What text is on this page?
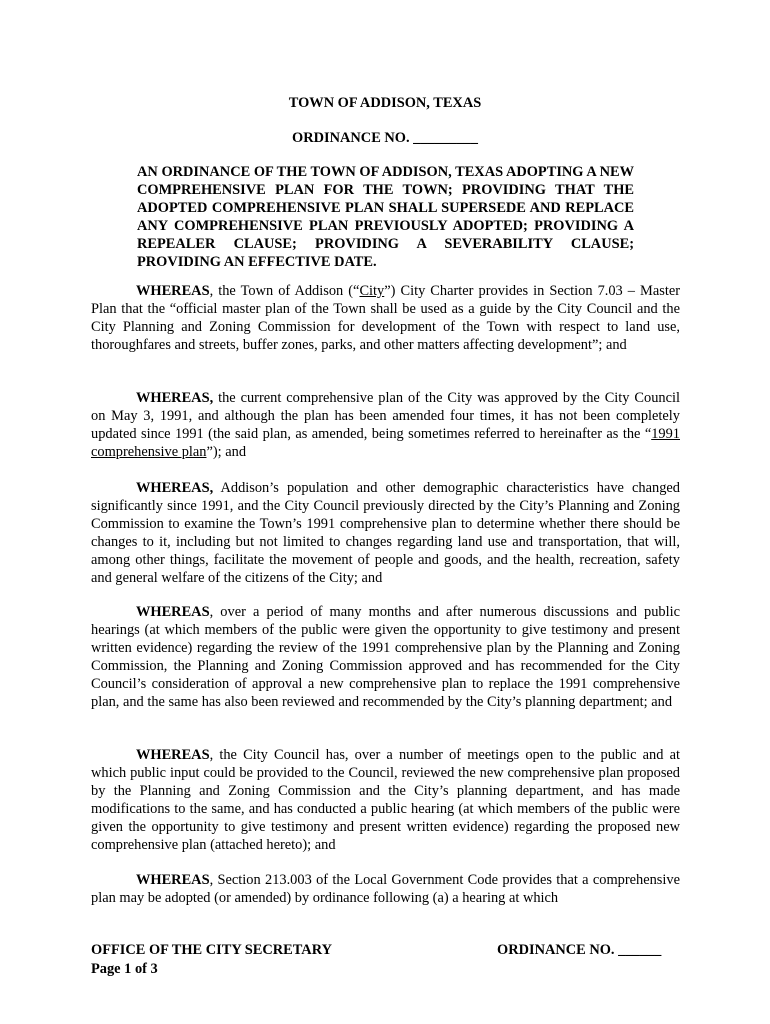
TOWN OF ADDISON, TEXAS
ORDINANCE NO. _________
AN ORDINANCE OF THE TOWN OF ADDISON, TEXAS ADOPTING A NEW COMPREHENSIVE PLAN FOR THE TOWN; PROVIDING THAT THE ADOPTED COMPREHENSIVE PLAN SHALL SUPERSEDE AND REPLACE ANY COMPREHENSIVE PLAN PREVIOUSLY ADOPTED; PROVIDING A REPEALER CLAUSE; PROVIDING A SEVERABILITY CLAUSE; PROVIDING AN EFFECTIVE DATE.

WHEREAS, the Town of Addison (“City”) City Charter provides in Section 7.03 – Master Plan that the “official master plan of the Town shall be used as a guide by the City Council and the City Planning and Zoning Commission for development of the Town with respect to land use, thoroughfares and streets, buffer zones, parks, and other matters affecting development”; and

WHEREAS, the current comprehensive plan of the City was approved by the City Council on May 3, 1991, and although the plan has been amended four times, it has not been completely updated since 1991 (the said plan, as amended, being sometimes referred to hereinafter as the “1991 comprehensive plan”); and

WHEREAS, Addison’s population and other demographic characteristics have changed significantly since 1991, and the City Council previously directed by the City’s Planning and Zoning Commission to examine the Town’s 1991 comprehensive plan to determine whether there should be changes to it, including but not limited to changes regarding land use and transportation, that will, among other things, facilitate the movement of people and goods, and the health, recreation, safety and general welfare of the citizens of the City; and

WHEREAS, over a period of many months and after numerous discussions and public hearings (at which members of the public were given the opportunity to give testimony and present written evidence) regarding the review of the 1991 comprehensive plan by the Planning and Zoning Commission, the Planning and Zoning Commission approved and has recommended for the City Council’s consideration of approval a new comprehensive plan to replace the 1991 comprehensive plan, and the same has also been reviewed and recommended by the City’s planning department; and

WHEREAS, the City Council has, over a number of meetings open to the public and at which public input could be provided to the Council, reviewed the new comprehensive plan proposed by the Planning and Zoning Commission and the City’s planning department, and has made modifications to the same, and has conducted a public hearing (at which members of the public were given the opportunity to give testimony and present written evidence) regarding the proposed new comprehensive plan (attached hereto); and

WHEREAS, Section 213.003 of the Local Government Code provides that a comprehensive plan may be adopted (or amended) by ordinance following (a) a hearing at which

OFFICE OF THE CITY SECRETARY
Page 1 of 3
ORDINANCE NO. ______
